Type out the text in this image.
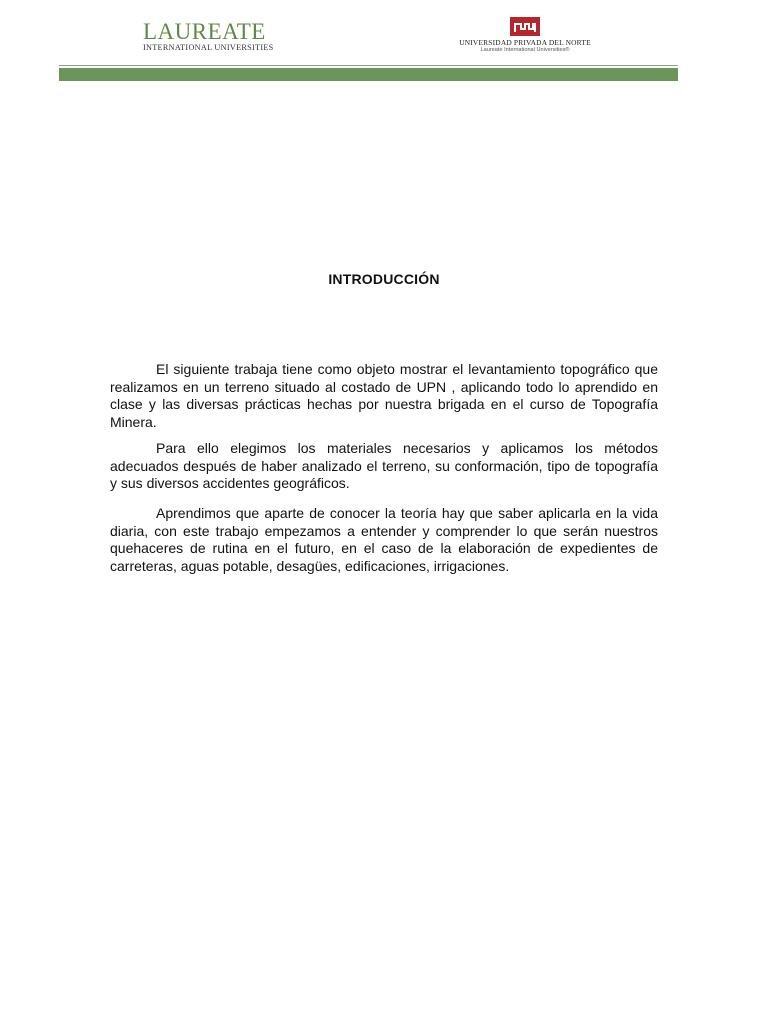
LAUREATE
INTERNATIONAL UNIVERSITIES
UNIVERSIDAD PRIVADA DEL NORTE
Laureate International Universities®
INTRODUCCIÓN

El siguiente trabaja tiene como objeto mostrar el levantamiento topográfico que realizamos en un terreno situado al costado de UPN , aplicando todo lo aprendido en clase y las diversas prácticas hechas por nuestra brigada en el curso de Topografía Minera.

Para ello elegimos los materiales necesarios y aplicamos los métodos adecuados después de haber analizado el terreno, su conformación, tipo de topografía y sus diversos accidentes geográficos.

Aprendimos que aparte de conocer la teoría hay que saber aplicarla en la vida diaria, con este trabajo empezamos a entender y comprender lo que serán nuestros quehaceres de rutina en el futuro, en el caso de la elaboración de expedientes de carreteras, aguas potable, desagües, edificaciones, irrigaciones.
